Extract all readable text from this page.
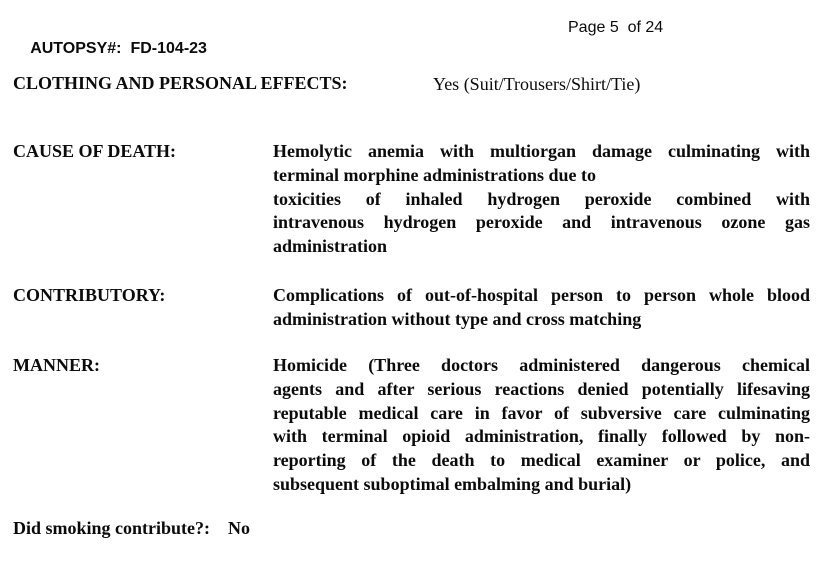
AUTOPSY#: FD-104-23

Page 5  of 24
CLOTHING AND PERSONAL EFFECTS:	Yes (Suit/Trousers/Shirt/Tie)
CAUSE OF DEATH:	Hemolytic anemia with multiorgan damage culminating with
terminal morphine administrations due to
toxicities of inhaled hydrogen peroxide combined with
intravenous hydrogen peroxide and intravenous ozone gas
administration
CONTRIBUTORY:	Complications of out-of-hospital person to person whole blood
administration without type and cross matching
MANNER:	Homicide (Three doctors administered dangerous chemical
agents and after serious reactions denied potentially lifesaving
reputable medical care in favor of subversive care culminating
with terminal opioid administration, finally followed by non-
reporting of the death to medical examiner or police, and
subsequent suboptimal embalming and burial)
Did smoking contribute?: No
